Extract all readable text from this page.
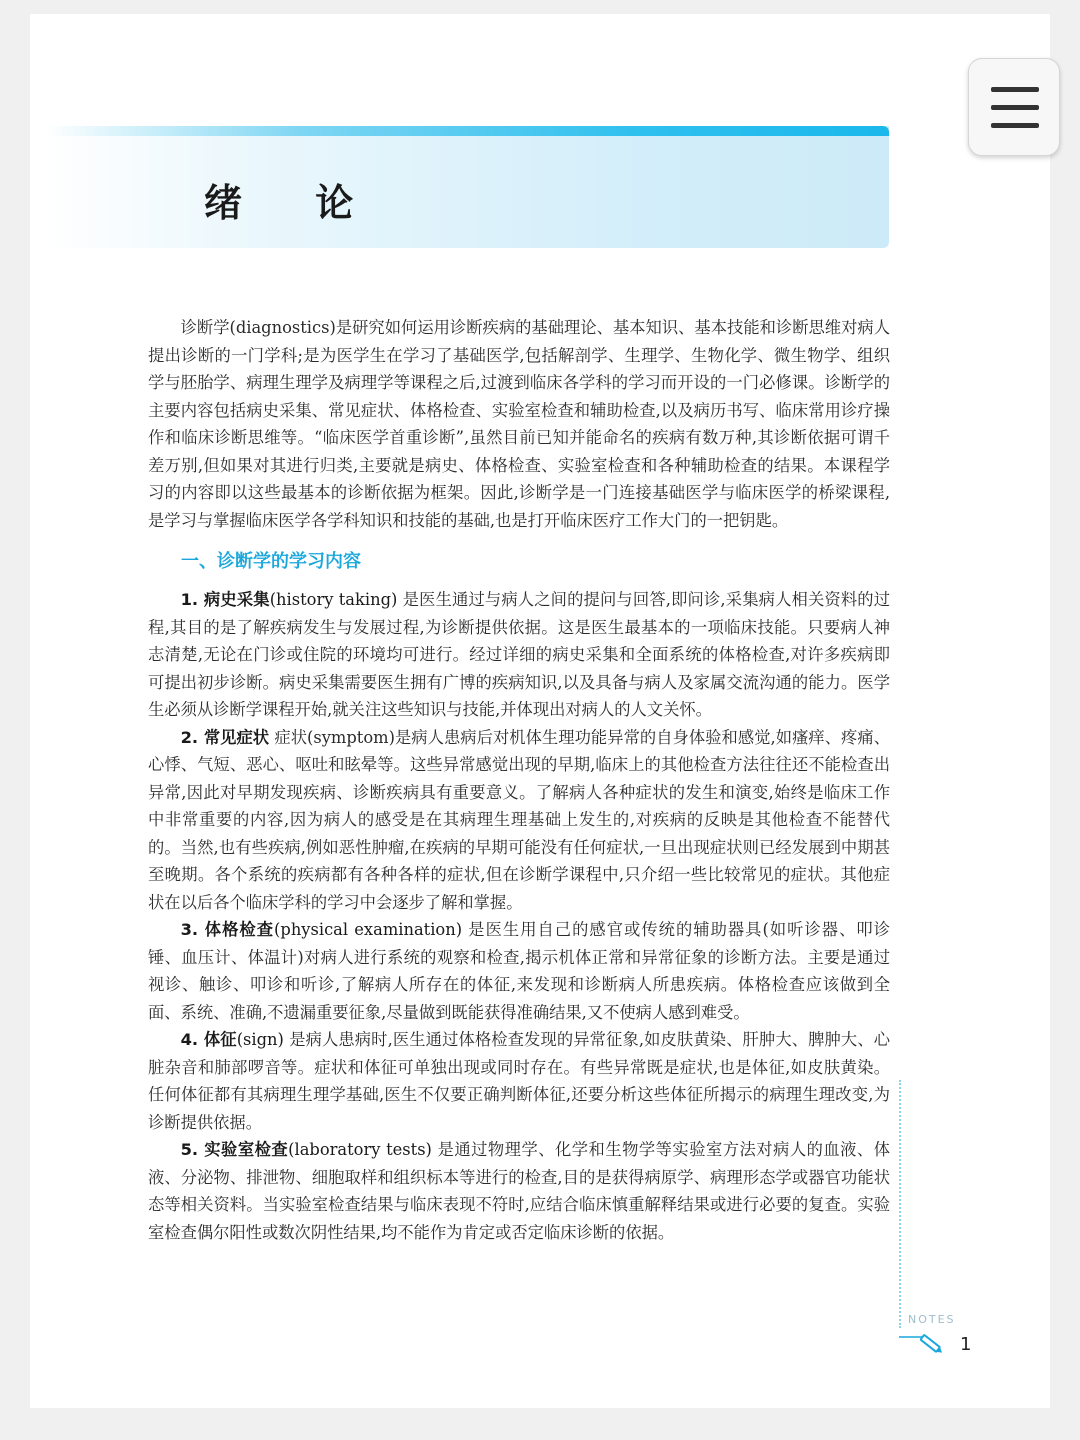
绪 论

诊断学(diagnostics)是研究如何运用诊断疾病的基础理论、基本知识、基本技能和诊断思维对病人提出诊断的一门学科;是为医学生在学习了基础医学,包括解剖学、生理学、生物化学、微生物学、组织学与胚胎学、病理生理学及病理学等课程之后,过渡到临床各学科的学习而开设的一门必修课。诊断学的主要内容包括病史采集、常见症状、体格检查、实验室检查和辅助检查,以及病历书写、临床常用诊疗操作和临床诊断思维等。“临床医学首重诊断”,虽然目前已知并能命名的疾病有数万种,其诊断依据可谓千差万别,但如果对其进行归类,主要就是病史、体格检查、实验室检查和各种辅助检查的结果。本课程学习的内容即以这些最基本的诊断依据为框架。因此,诊断学是一门连接基础医学与临床医学的桥梁课程,是学习与掌握临床医学各学科知识和技能的基础,也是打开临床医疗工作大门的一把钥匙。

一、诊断学的学习内容

1. 病史采集(history taking) 是医生通过与病人之间的提问与回答,即问诊,采集病人相关资料的过程,其目的是了解疾病发生与发展过程,为诊断提供依据。这是医生最基本的一项临床技能。只要病人神志清楚,无论在门诊或住院的环境均可进行。经过详细的病史采集和全面系统的体格检查,对许多疾病即可提出初步诊断。病史采集需要医生拥有广博的疾病知识,以及具备与病人及家属交流沟通的能力。医学生必须从诊断学课程开始,就关注这些知识与技能,并体现出对病人的人文关怀。

2. 常见症状 症状(symptom)是病人患病后对机体生理功能异常的自身体验和感觉,如瘙痒、疼痛、心悸、气短、恶心、呕吐和眩晕等。这些异常感觉出现的早期,临床上的其他检查方法往往还不能检查出异常,因此对早期发现疾病、诊断疾病具有重要意义。了解病人各种症状的发生和演变,始终是临床工作中非常重要的内容,因为病人的感受是在其病理生理基础上发生的,对疾病的反映是其他检查不能替代的。当然,也有些疾病,例如恶性肿瘤,在疾病的早期可能没有任何症状,一旦出现症状则已经发展到中期甚至晚期。各个系统的疾病都有各种各样的症状,但在诊断学课程中,只介绍一些比较常见的症状。其他症状在以后各个临床学科的学习中会逐步了解和掌握。

3. 体格检查(physical examination) 是医生用自己的感官或传统的辅助器具(如听诊器、叩诊锤、血压计、体温计)对病人进行系统的观察和检查,揭示机体正常和异常征象的诊断方法。主要是通过视诊、触诊、叩诊和听诊,了解病人所存在的体征,来发现和诊断病人所患疾病。体格检查应该做到全面、系统、准确,不遗漏重要征象,尽量做到既能获得准确结果,又不使病人感到难受。

4. 体征(sign) 是病人患病时,医生通过体格检查发现的异常征象,如皮肤黄染、肝肿大、脾肿大、心脏杂音和肺部啰音等。症状和体征可单独出现或同时存在。有些异常既是症状,也是体征,如皮肤黄染。任何体征都有其病理生理学基础,医生不仅要正确判断体征,还要分析这些体征所揭示的病理生理改变,为诊断提供依据。

5. 实验室检查(laboratory tests) 是通过物理学、化学和生物学等实验室方法对病人的血液、体液、分泌物、排泄物、细胞取样和组织标本等进行的检查,目的是获得病原学、病理形态学或器官功能状态等相关资料。当实验室检查结果与临床表现不符时,应结合临床慎重解释结果或进行必要的复查。实验室检查偶尔阳性或数次阴性结果,均不能作为肯定或否定临床诊断的依据。

NOTES
1
